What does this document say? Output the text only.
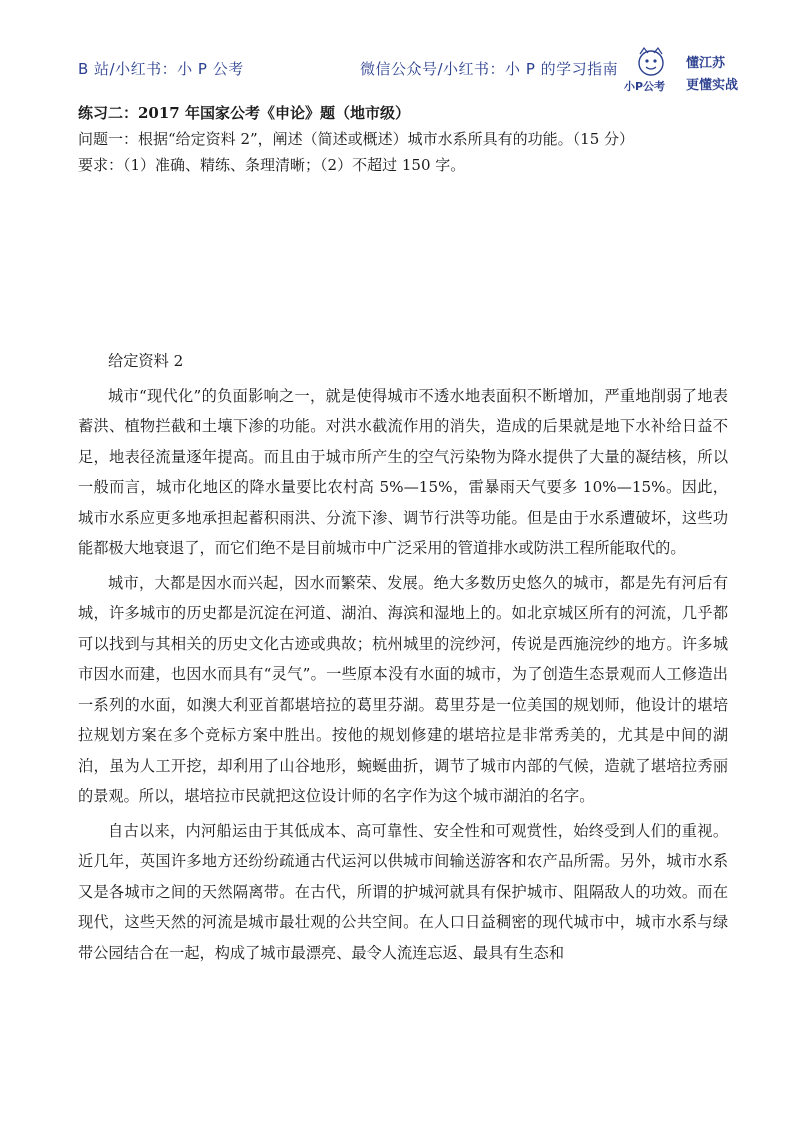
B 站/小红书：小 P 公考	微信公众号/小红书：小 P 的学习指南
小P公考
懂江苏
更懂实战

练习二：2017 年国家公考《申论》题（地市级）

问题一：根据“给定资料 2”，阐述（简述或概述）城市水系所具有的功能。（15 分）

要求：（1）准确、精练、条理清晰；（2）不超过 150 字。

给定资料 2

城市“现代化”的负面影响之一，就是使得城市不透水地表面积不断增加，严重地削弱了地表蓄洪、植物拦截和土壤下渗的功能。对洪水截流作用的消失，造成的后果就是地下水补给日益不足，地表径流量逐年提高。而且由于城市所产生的空气污染物为降水提供了大量的凝结核，所以一般而言，城市化地区的降水量要比农村高 5%—15%，雷暴雨天气要多 10%—15%。因此，城市水系应更多地承担起蓄积雨洪、分流下渗、调节行洪等功能。但是由于水系遭破坏，这些功能都极大地衰退了，而它们绝不是目前城市中广泛采用的管道排水或防洪工程所能取代的。

城市，大都是因水而兴起，因水而繁荣、发展。绝大多数历史悠久的城市，都是先有河后有城，许多城市的历史都是沉淀在河道、湖泊、海滨和湿地上的。如北京城区所有的河流，几乎都可以找到与其相关的历史文化古迹或典故；杭州城里的浣纱河，传说是西施浣纱的地方。许多城市因水而建，也因水而具有“灵气”。一些原本没有水面的城市，为了创造生态景观而人工修造出一系列的水面，如澳大利亚首都堪培拉的葛里芬湖。葛里芬是一位美国的规划师，他设计的堪培拉规划方案在多个竞标方案中胜出。按他的规划修建的堪培拉是非常秀美的，尤其是中间的湖泊，虽为人工开挖，却利用了山谷地形，蜿蜒曲折，调节了城市内部的气候，造就了堪培拉秀丽的景观。所以，堪培拉市民就把这位设计师的名字作为这个城市湖泊的名字。

自古以来，内河船运由于其低成本、高可靠性、安全性和可观赏性，始终受到人们的重视。近几年，英国许多地方还纷纷疏通古代运河以供城市间输送游客和农产品所需。另外，城市水系又是各城市之间的天然隔离带。在古代，所谓的护城河就具有保护城市、阻隔敌人的功效。而在现代，这些天然的河流是城市最壮观的公共空间。在人口日益稠密的现代城市中，城市水系与绿带公园结合在一起，构成了城市最漂亮、最令人流连忘返、最具有生态和
